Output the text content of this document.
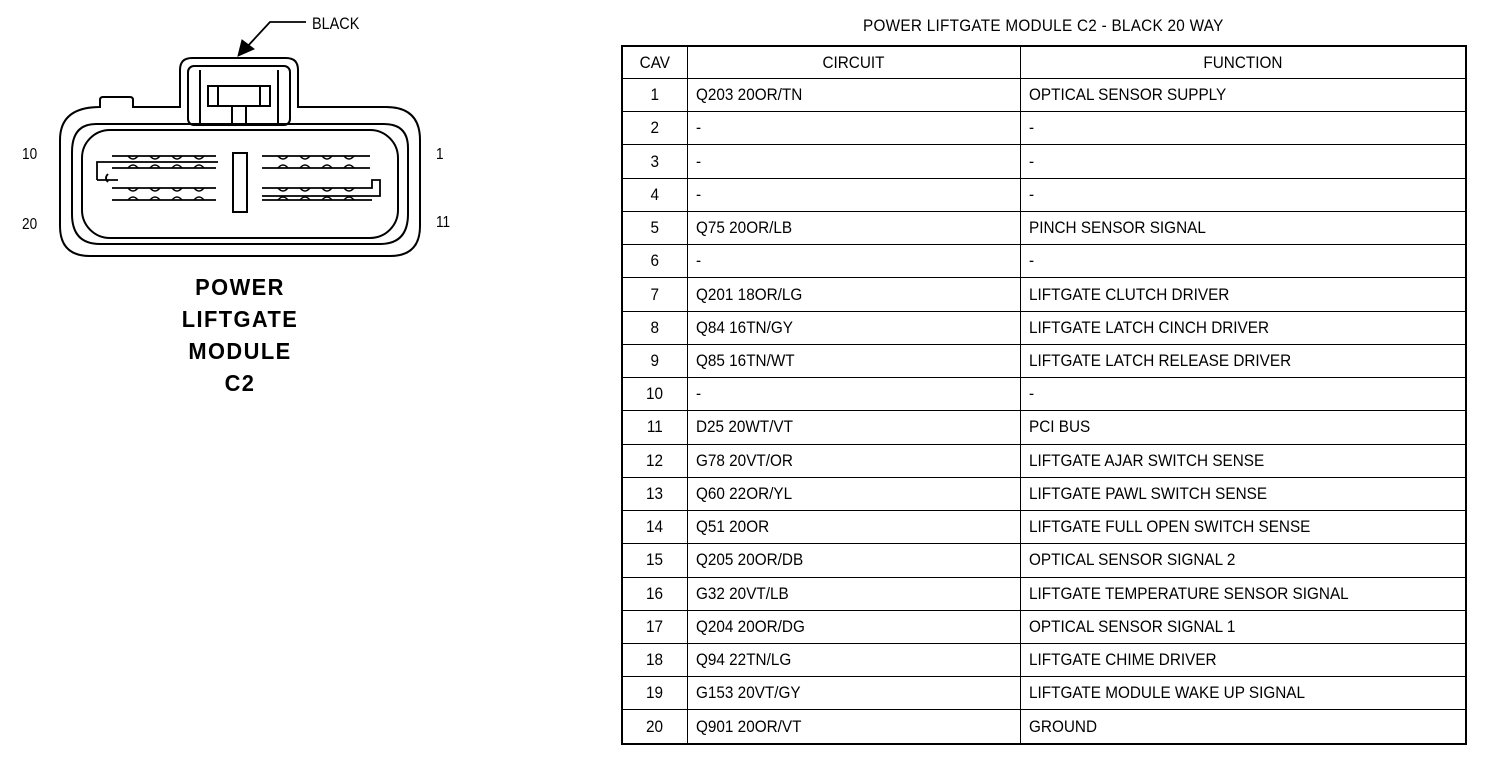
BLACK
10
20
1
11
POWER
LIFTGATE
MODULE
C2
POWER LIFTGATE MODULE C2 - BLACK 20 WAY
CAV	CIRCUIT	FUNCTION
1	Q203 20OR/TN	OPTICAL SENSOR SUPPLY
2	-	-
3	-	-
4	-	-
5	Q75 20OR/LB	PINCH SENSOR SIGNAL
6	-	-
7	Q201 18OR/LG	LIFTGATE CLUTCH DRIVER
8	Q84 16TN/GY	LIFTGATE LATCH CINCH DRIVER
9	Q85 16TN/WT	LIFTGATE LATCH RELEASE DRIVER
10	-	-
11	D25 20WT/VT	PCI BUS
12	G78 20VT/OR	LIFTGATE AJAR SWITCH SENSE
13	Q60 22OR/YL	LIFTGATE PAWL SWITCH SENSE
14	Q51 20OR	LIFTGATE FULL OPEN SWITCH SENSE
15	Q205 20OR/DB	OPTICAL SENSOR SIGNAL 2
16	G32 20VT/LB	LIFTGATE TEMPERATURE SENSOR SIGNAL
17	Q204 20OR/DG	OPTICAL SENSOR SIGNAL 1
18	Q94 22TN/LG	LIFTGATE CHIME DRIVER
19	G153 20VT/GY	LIFTGATE MODULE WAKE UP SIGNAL
20	Q901 20OR/VT	GROUND
